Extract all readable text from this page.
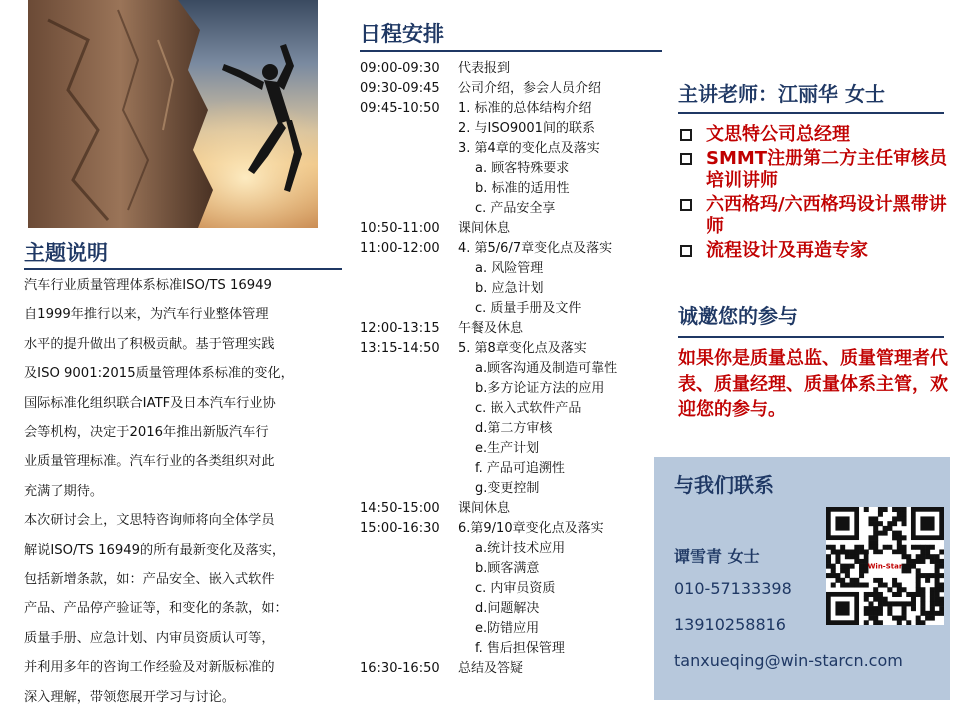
主题说明

汽车行业质量管理体系标准ISO/TS 16949

自1999年推行以来，为汽车行业整体管理

水平的提升做出了积极贡献。基于管理实践

及ISO 9001:2015质量管理体系标准的变化，

国际标准化组织联合IATF及日本汽车行业协

会等机构，决定于2016年推出新版汽车行

业质量管理标准。汽车行业的各类组织对此

充满了期待。

本次研讨会上，文思特咨询师将向全体学员

解说ISO/TS 16949的所有最新变化及落实，

包括新增条款，如：产品安全、嵌入式软件

产品、产品停产验证等，和变化的条款，如：

质量手册、应急计划、内审员资质认可等，

并利用多年的咨询工作经验及对新版标准的

深入理解，带领您展开学习与讨论。

日程安排
09:00-09:30	代表报到
09:30-09:45	公司介绍，参会人员介绍
09:45-10:50	1. 标准的总体结构介绍
2. 与ISO9001间的联系
3. 第4章的变化点及落实
a. 顾客特殊要求
b. 标准的适用性
c. 产品安全享
10:50-11:00	课间休息
11:00-12:00	4. 第5/6/7章变化点及落实
a. 风险管理
b. 应急计划
c. 质量手册及文件
12:00-13:15	午餐及休息
13:15-14:50	5. 第8章变化点及落实
a.顾客沟通及制造可靠性
b.多方论证方法的应用
c. 嵌入式软件产品
d.第二方审核
e.生产计划
f. 产品可追溯性
g.变更控制
14:50-15:00	课间休息
15:00-16:30	6.第9/10章变化点及落实
a.统计技术应用
b.顾客满意
c. 内审员资质
d.问题解决
e.防错应用
f. 售后担保管理
16:30-16:50	总结及答疑
主讲老师：江丽华 女士
文思特公司总经理
SMMT注册第二方主任审核员培训讲师
六西格玛/六西格玛设计黑带讲师
流程设计及再造专家
诚邀您的参与
如果你是质量总监、质量管理者代表、质量经理、质量体系主管，欢迎您的参与。
与我们联系
谭雪青 女士
010-57133398
13910258816
tanxueqing@win-starcn.com
Win-Star
